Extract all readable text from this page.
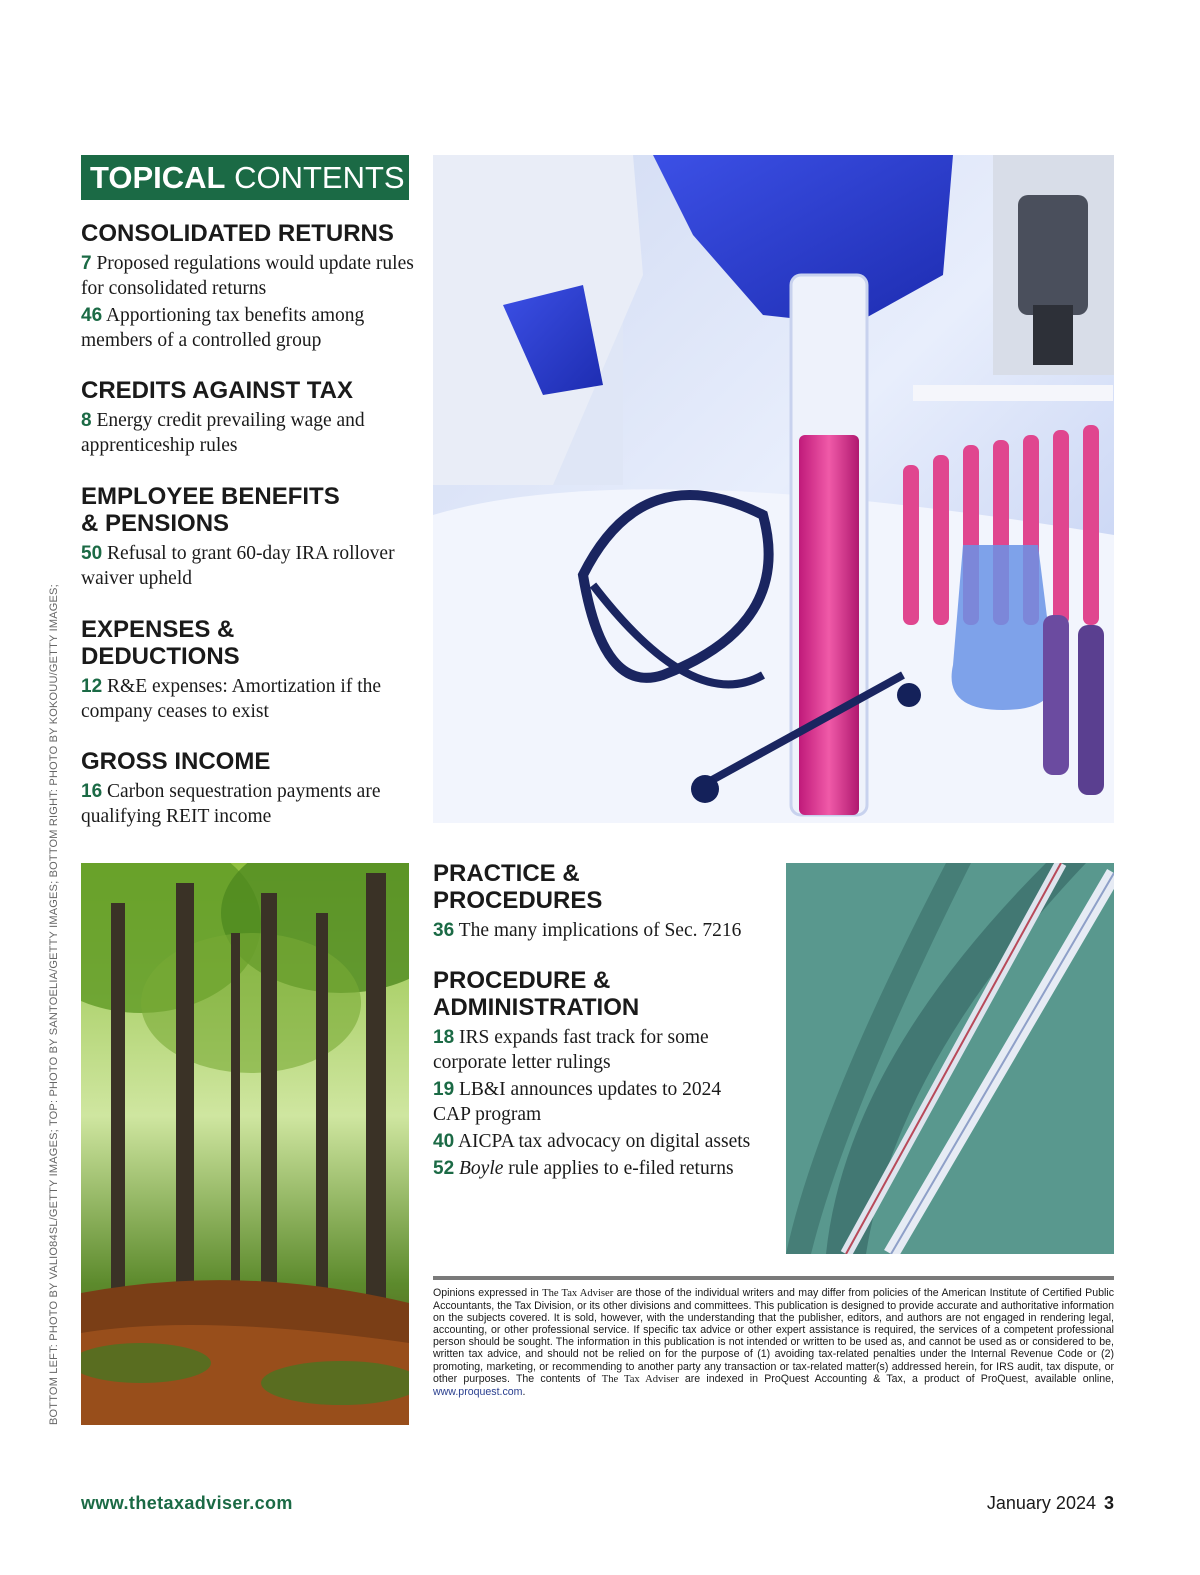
TOPICAL CONTENTS
CONSOLIDATED RETURNS
7 Proposed regulations would update rules for consolidated returns
46 Apportioning tax benefits among members of a controlled group
CREDITS AGAINST TAX
8 Energy credit prevailing wage and apprenticeship rules
EMPLOYEE BENEFITS
& PENSIONS
50 Refusal to grant 60-day IRA rollover waiver upheld
EXPENSES &
DEDUCTIONS
12 R&E expenses: Amortization if the company ceases to exist
GROSS INCOME
16 Carbon sequestration payments are qualifying REIT income
PRACTICE &
PROCEDURES
36 The many implications of Sec. 7216
PROCEDURE &
ADMINISTRATION
18 IRS expands fast track for some corporate letter rulings
19 LB&I announces updates to 2024 CAP program
40 AICPA tax advocacy on digital assets
52 Boyle rule applies to e-filed returns
BOTTOM LEFT: PHOTO BY VALIO84SL/GETTY IMAGES; TOP: PHOTO BY SANTOELIA/GETTY IMAGES; BOTTOM RIGHT: PHOTO BY KOKOUU/GETTY IMAGES;	Opinions expressed in The Tax Adviser are those of the individual writers and may differ from policies of the American Institute of Certified Public Accountants, the Tax Division, or its other divisions and committees. This publication is designed to provide accurate and authoritative information on the subjects covered. It is sold, however, with the understanding that the publisher, editors, and authors are not engaged in rendering legal, accounting, or other professional service. If specific tax advice or other expert assistance is required, the services of a competent professional person should be sought. The information in this publication is not intended or written to be used as, and cannot be used as or considered to be, written tax advice, and should not be relied on for the purpose of (1) avoiding tax-related penalties under the Internal Revenue Code or (2) promoting, marketing, or recommending to another party any transaction or tax-related matter(s) addressed herein, for IRS audit, tax dispute, or other purposes. The contents of The Tax Adviser are indexed in ProQuest Accounting & Tax, a product of ProQuest, available online, www.proquest.com.
www.thetaxadviser.com	January 2024 3
